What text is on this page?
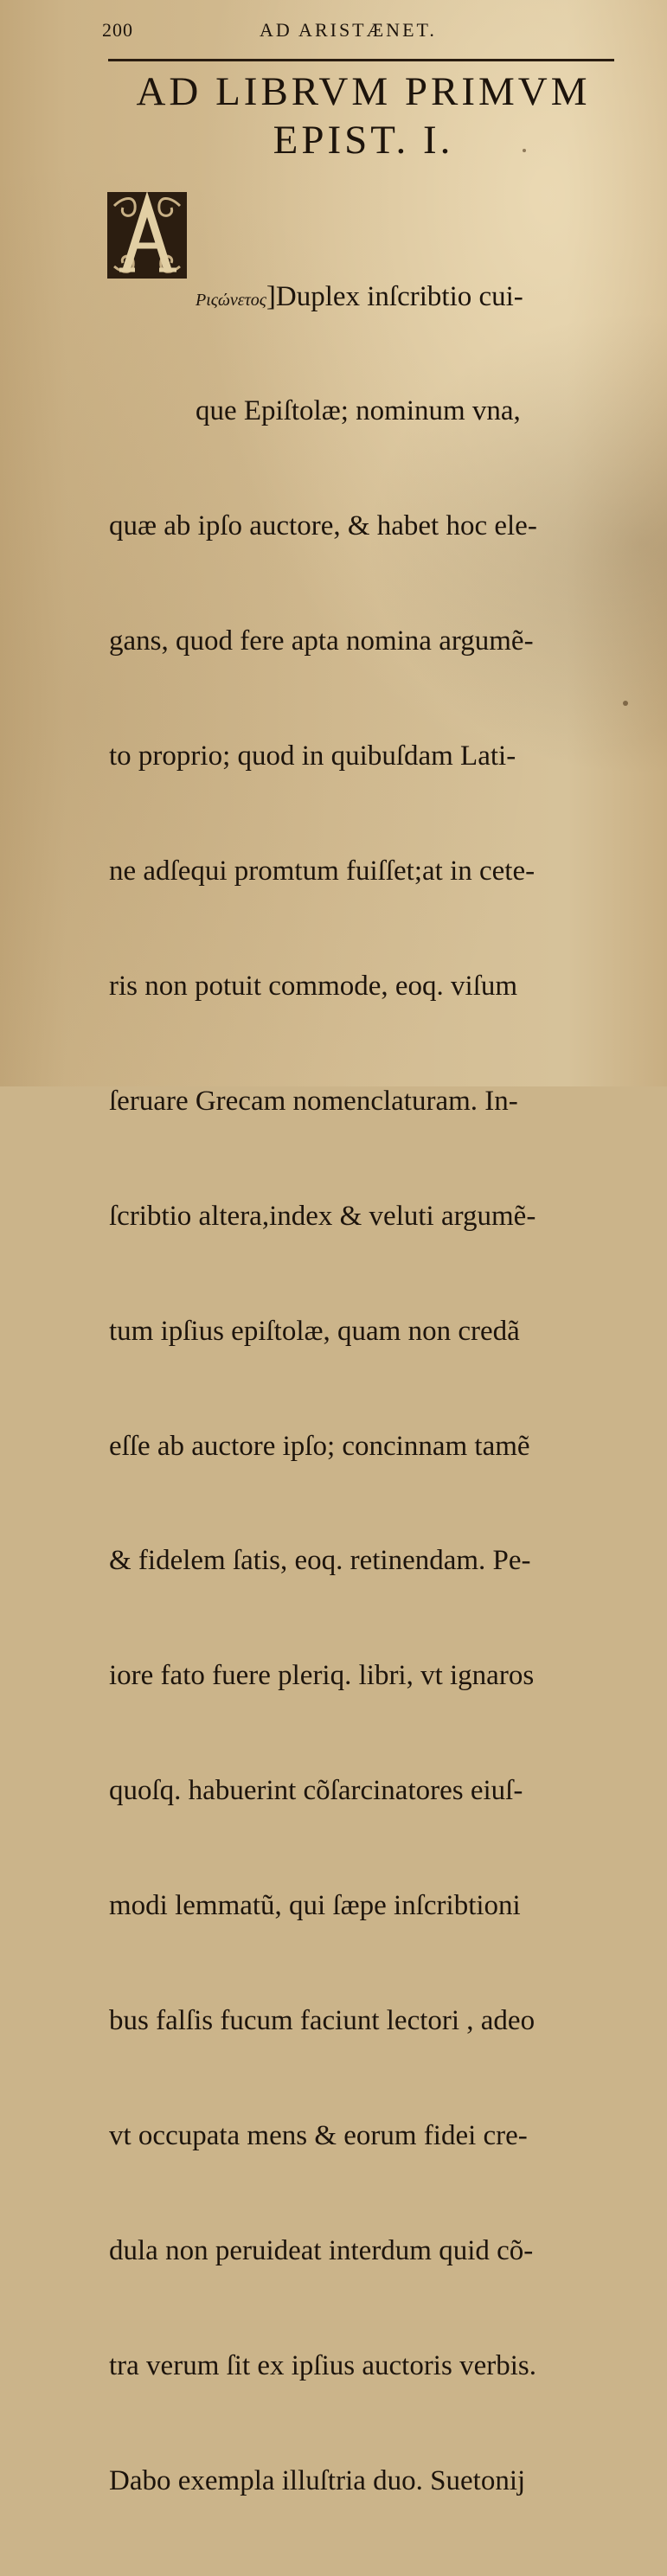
200	AD ARISTÆNET.
AD LIBRVM PRIMVM
EPIST. I.

Ριςώνετος]Duplex inſcribtio cui-

que Epiſtolæ; nominum vna,

quæ ab ipſo auctore, & habet hoc ele-

gans, quod fere apta nomina argumẽ-

to proprio; quod in quibuſdam Lati-

ne adſequi promtum fuiſſet;at in cete-

ris non potuit commode, eoq. viſum

ſeruare Grecam nomenclaturam. In-

ſcribtio altera,index & veluti argumẽ-

tum ipſius epiſtolæ, quam non credã

eſſe ab auctore ipſo; concinnam tamẽ

& fidelem ſatis, eoq. retinendam. Pe-

iore fato fuere pleriq. libri, vt ignaros

quoſq. habuerint cõſarcinatores eiuſ-

modi lemmatũ, qui ſæpe inſcribtioni

bus falſis fucum faciunt lectori , adeo

vt occupata mens & eorum fidei cre-

dula non peruideat interdum quid cõ-

tra verum ſit ex ipſius auctoris verbis.

Dabo exempla illuſtria duo. Suetonij
